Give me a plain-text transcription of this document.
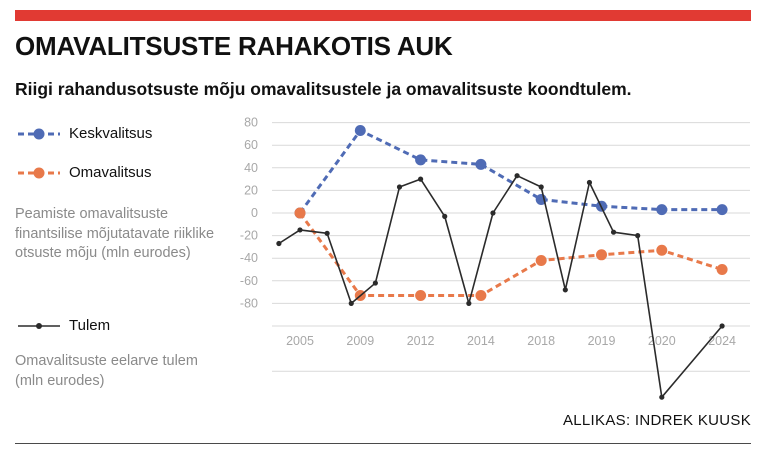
OMAVALITSUSTE RAHAKOTIS AUK
Riigi rahandusotsuste mõju omavalitsustele ja omavalitsuste koondtulem.
Keskvalitsus
Omavalitsus
Peamiste omavalitsuste finantsilise mõjutatavate riiklike otsuste mõju (mln eurodes)
Tulem
Omavalitsuste eelarve tulem (mln eurodes)
80
60
40
20
0
-20
-40
-60
-80
2005	2009	2012	2014	2018	2019	2020	2024
ALLIKAS: INDREK KUUSK
